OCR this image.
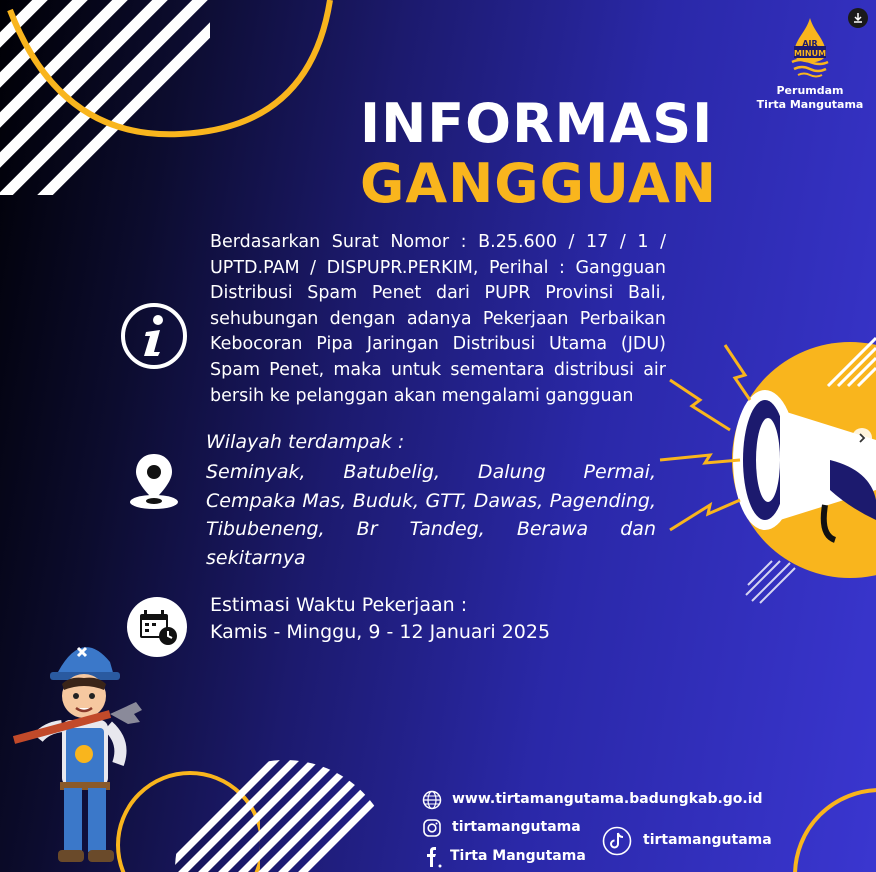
AIR
MINUM
Perumdam
Tirta Mangutama
INFORMASI
GANGGUAN
Berdasarkan Surat Nomor : B.25.600 / 17 / 1 / UPTD.PAM / DISPUPR.PERKIM, Perihal : Gangguan Distribusi Spam Penet dari PUPR Provinsi Bali, sehubungan dengan adanya Pekerjaan Perbaikan Kebocoran Pipa Jaringan Distribusi Utama (JDU) Spam Penet, maka untuk sementara distribusi air bersih ke pelanggan akan mengalami gangguan
Wilayah terdampak :
Seminyak, Batubelig, Dalung Permai, Cempaka Mas, Buduk, GTT, Dawas, Pagending, Tibubeneng, Br Tandeg, Berawa dan sekitarnya
Estimasi Waktu Pekerjaan :
Kamis - Minggu, 9 - 12 Januari 2025
www.tirtamangutama.badungkab.go.id
tirtamangutama
Tirta Mangutama
tirtamangutama
